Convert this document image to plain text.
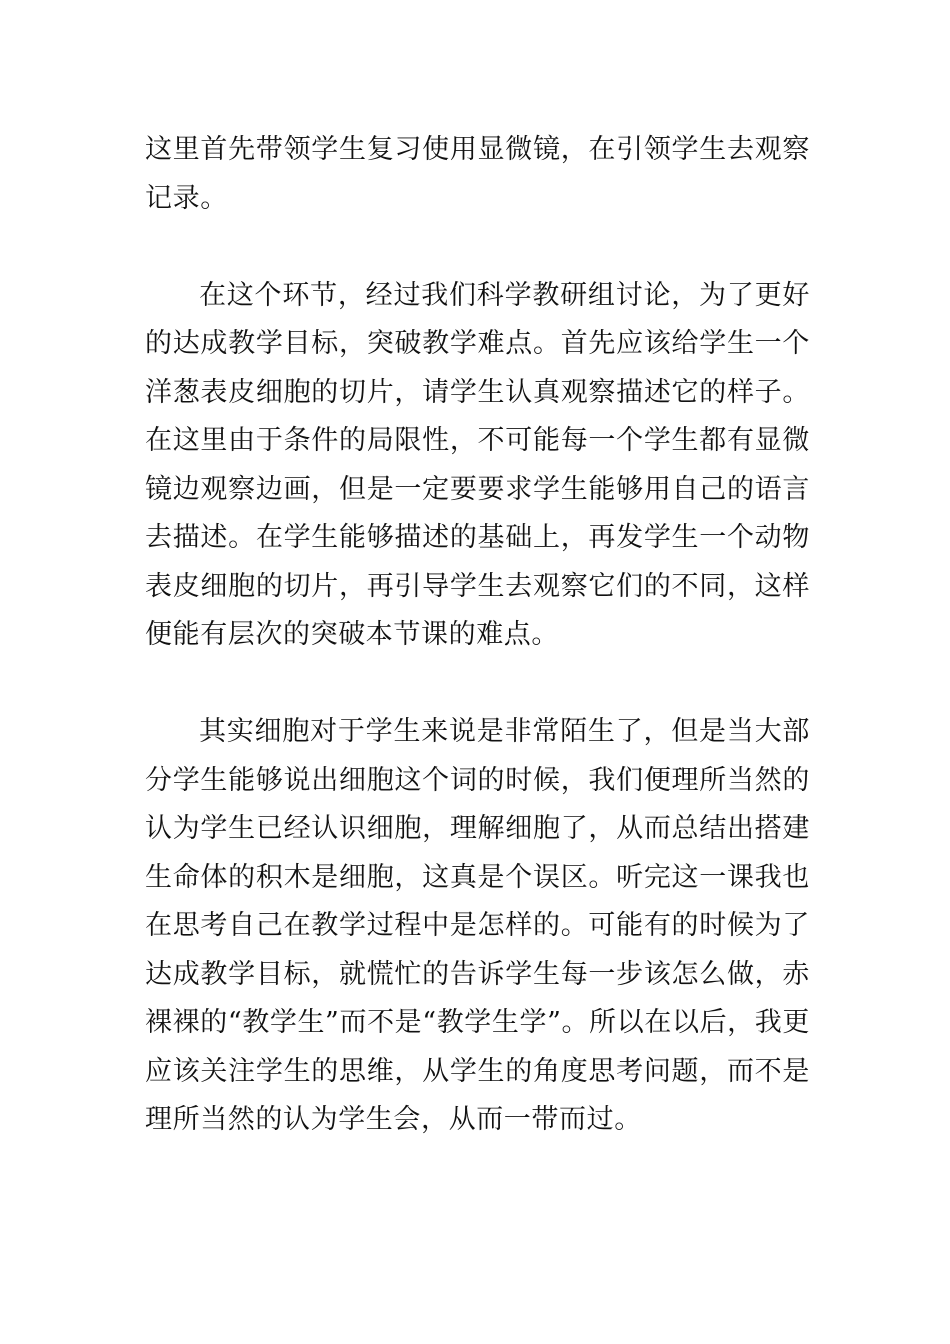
这里首先带领学生复习使用显微镜，在引领学生去观察记录。

在这个环节，经过我们科学教研组讨论，为了更好的达成教学目标，突破教学难点。首先应该给学生一个洋葱表皮细胞的切片，请学生认真观察描述它的样子。在这里由于条件的局限性，不可能每一个学生都有显微镜边观察边画，但是一定要要求学生能够用自己的语言去描述。在学生能够描述的基础上，再发学生一个动物表皮细胞的切片，再引导学生去观察它们的不同，这样便能有层次的突破本节课的难点。

其实细胞对于学生来说是非常陌生了，但是当大部分学生能够说出细胞这个词的时候，我们便理所当然的认为学生已经认识细胞，理解细胞了，从而总结出搭建生命体的积木是细胞，这真是个误区。听完这一课我也在思考自己在教学过程中是怎样的。可能有的时候为了达成教学目标，就慌忙的告诉学生每一步该怎么做，赤裸裸的“教学生”而不是“教学生学”。所以在以后，我更应该关注学生的思维，从学生的角度思考问题，而不是理所当然的认为学生会，从而一带而过。
